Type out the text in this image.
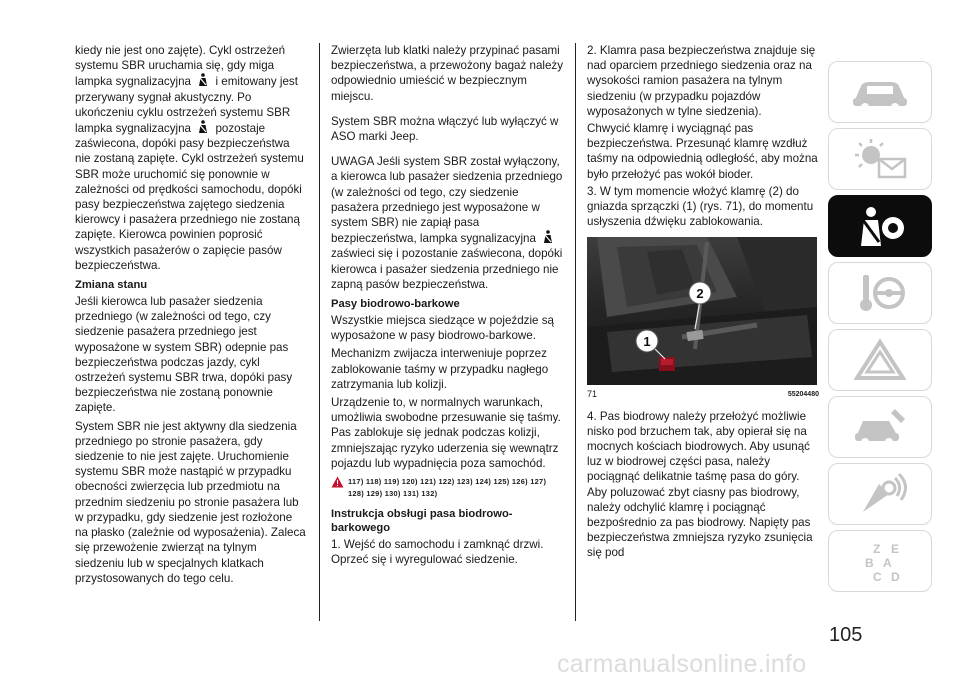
kiedy nie jest ono zajęte). Cykl ostrzeżeń systemu SBR uruchamia się, gdy miga lampka sygnalizacyjna i emitowany jest przerywany sygnał akustyczny. Po ukończeniu cyklu ostrzeżeń systemu SBR lampka sygnalizacyjna pozostaje zaświecona, dopóki pasy bezpieczeństwa nie zostaną zapięte. Cykl ostrzeżeń systemu SBR może uruchomić się ponownie w zależności od prędkości samochodu, dopóki pasy bezpieczeństwa zajętego siedzenia kierowcy i pasażera przedniego nie zostaną zapięte. Kierowca powinien poprosić wszystkich pasażerów o zapięcie pasów bezpieczeństwa.

Zmiana stanu

Jeśli kierowca lub pasażer siedzenia przedniego (w zależności od tego, czy siedzenie pasażera przedniego jest wyposażone w system SBR) odepnie pas bezpieczeństwa podczas jazdy, cykl ostrzeżeń systemu SBR trwa, dopóki pasy bezpieczeństwa nie zostaną ponownie zapięte.

System SBR nie jest aktywny dla siedzenia przedniego po stronie pasażera, gdy siedzenie to nie jest zajęte. Uruchomienie systemu SBR może nastąpić w przypadku obecności zwierzęcia lub przedmiotu na przednim siedzeniu po stronie pasażera lub w przypadku, gdy siedzenie jest rozłożone na płasko (zależnie od wyposażenia). Zaleca się przewożenie zwierząt na tylnym siedzeniu lub w specjalnych klatkach przystosowanych do tego celu.

Zwierzęta lub klatki należy przypinać pasami bezpieczeństwa, a przewożony bagaż należy odpowiednio umieścić w bezpiecznym miejscu.

System SBR można włączyć lub wyłączyć w ASO marki Jeep.

UWAGA Jeśli system SBR został wyłączony, a kierowca lub pasażer siedzenia przedniego (w zależności od tego, czy siedzenie pasażera przedniego jest wyposażone w system SBR) nie zapiął pasa bezpieczeństwa, lampka sygnalizacyjna  zaświeci się i pozostanie zaświecona, dopóki kierowca i pasażer siedzenia przedniego nie zapną pasów bezpieczeństwa.

Pasy biodrowo-barkowe

Wszystkie miejsca siedzące w pojeździe są wyposażone w pasy biodrowo-barkowe.

Mechanizm zwijacza interweniuje poprzez zablokowanie taśmy w przypadku nagłego zatrzymania lub kolizji.

Urządzenie to, w normalnych warunkach, umożliwia swobodne przesuwanie się taśmy. Pas zablokuje się jednak podczas kolizji, zmniejszając ryzyko uderzenia się wewnątrz pojazdu lub wypadnięcia poza samochód.

117) 118) 119) 120) 121) 122) 123) 124) 125) 126) 127)
128) 129) 130) 131) 132)
Instrukcja obsługi pasa biodrowo-barkowego

1. Wejść do samochodu i zamknąć drzwi. Oprzeć się i wyregulować siedzenie.

2. Klamra pasa bezpieczeństwa znajduje się nad oparciem przedniego siedzenia oraz na wysokości ramion pasażera na tylnym siedzeniu (w przypadku pojazdów wyposażonych w tylne siedzenia).

Chwycić klamrę i wyciągnąć pas bezpieczeństwa. Przesunąć klamrę wzdłuż taśmy na odpowiednią odległość, aby można było przełożyć pas wokół bioder.

3. W tym momencie włożyć klamrę (2) do gniazda sprzączki (1) (rys. 71), do momentu usłyszenia dźwięku zablokowania.

1
2
71	55204480

4. Pas biodrowy należy przełożyć możliwie nisko pod brzuchem tak, aby opierał się na mocnych kościach biodrowych. Aby usunąć luz w biodrowej części pasa, należy pociągnąć delikatnie taśmę pasa do góry. Aby poluzować zbyt ciasny pas biodrowy, należy odchylić klamrę i pociągnąć bezpośrednio za pas biodrowy. Napięty pas bezpieczeństwa zmniejsza ryzyko zsunięcia się pod	Z E
B A
C D
105
carmanualsonline.info
